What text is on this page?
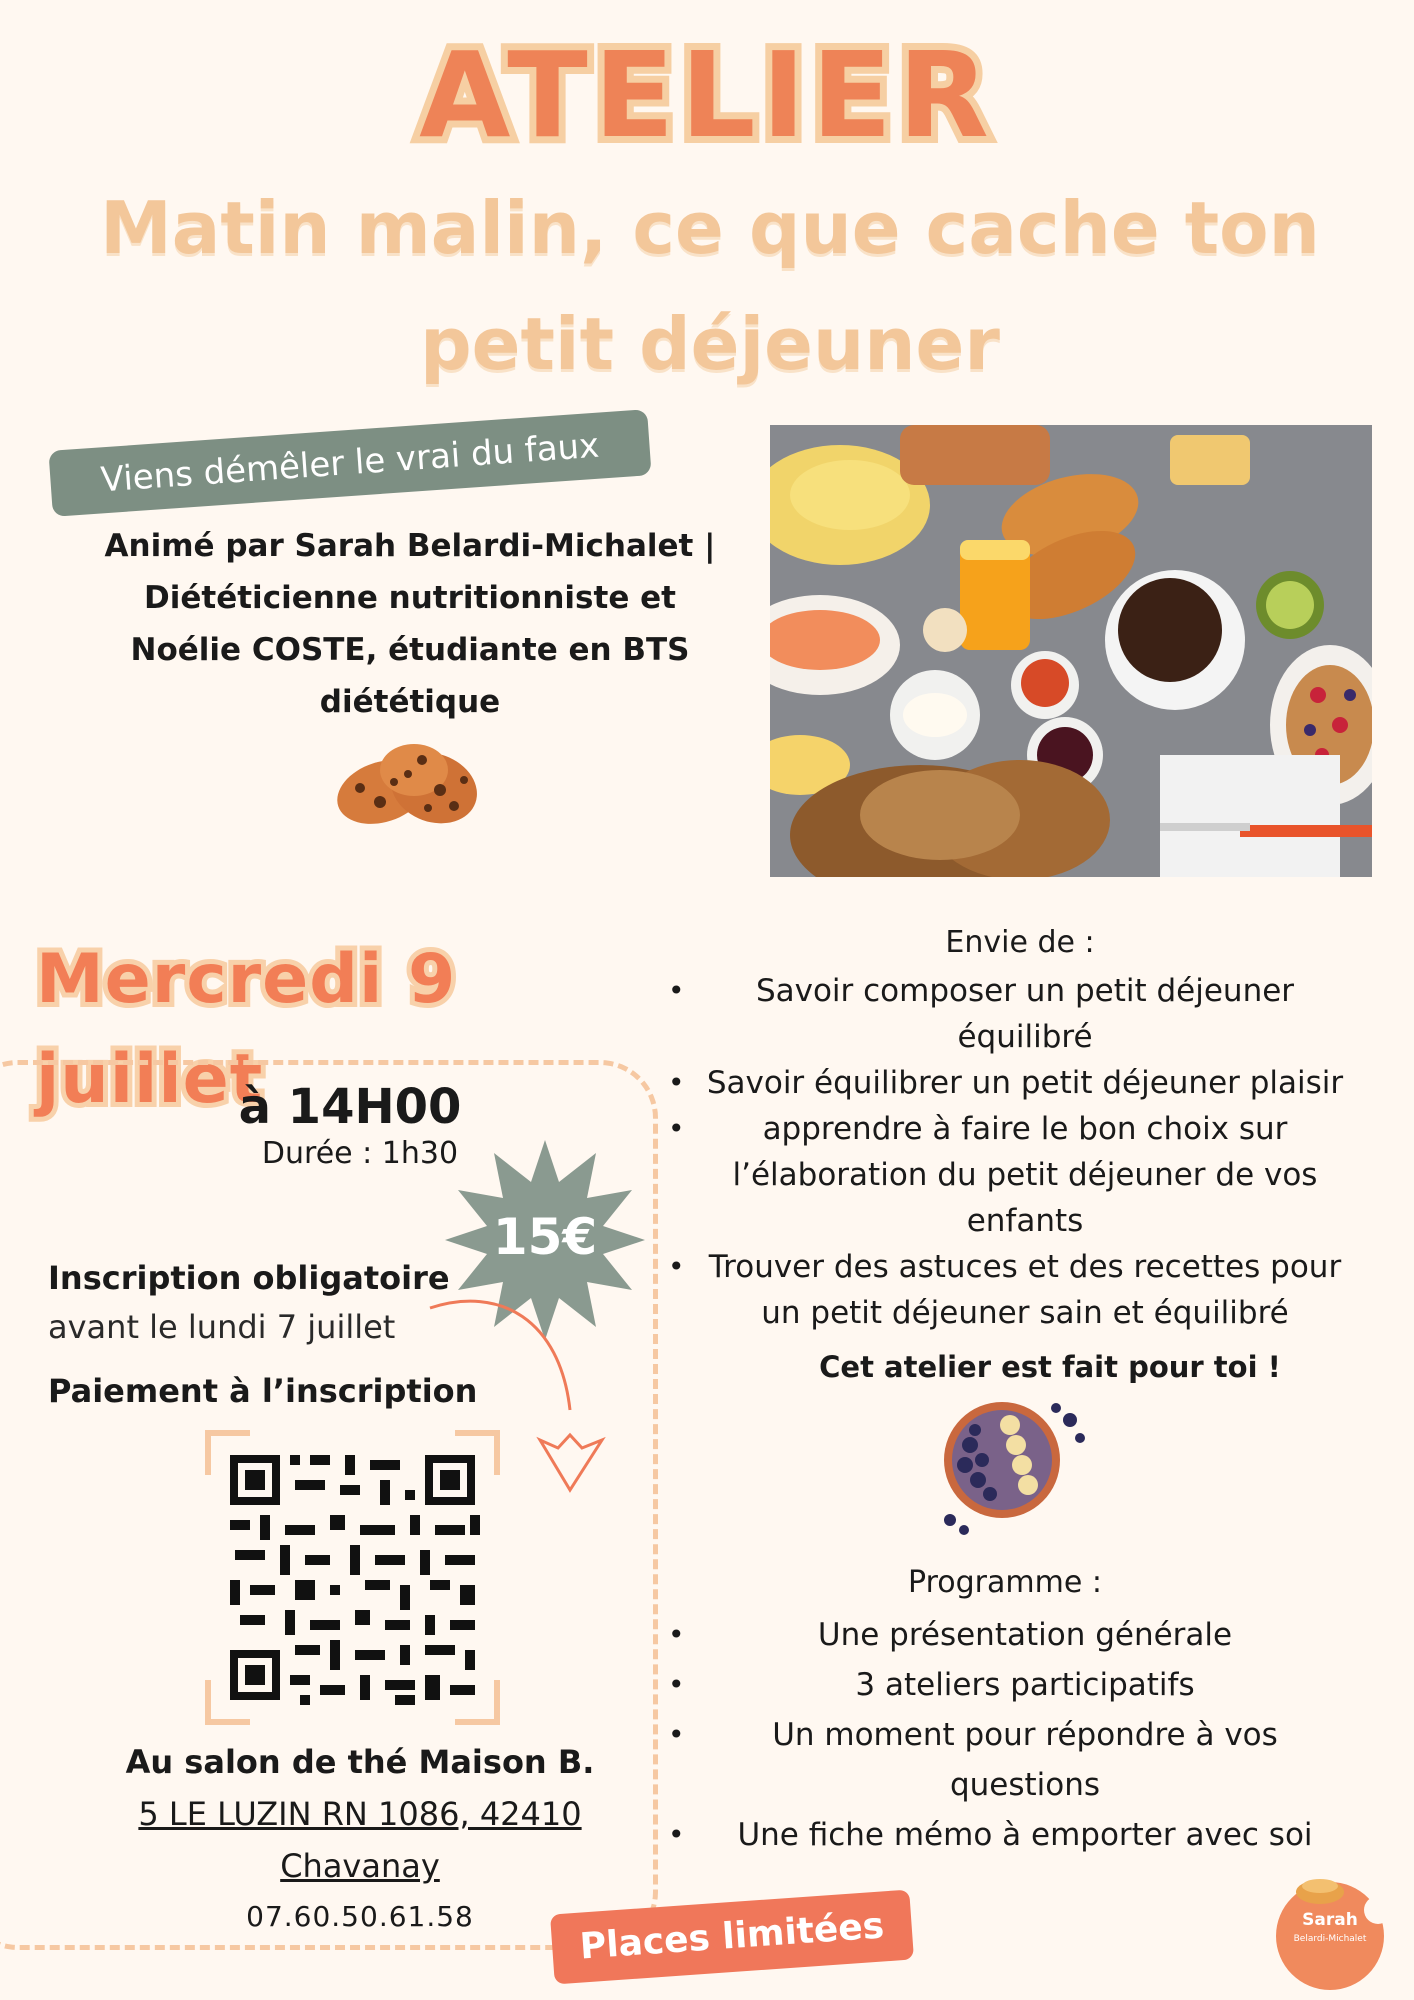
ATELIER
Matin malin, ce que cache ton petit déjeuner
Viens démêler le vrai du faux
Animé par Sarah Belardi-Michalet | Diététicienne nutritionniste et Noélie COSTE, étudiante en BTS diététique
Mercredi 9 juillet
à 14H00
Durée : 1h30
15€
Inscription obligatoire
avant le lundi 7 juillet
Paiement à l’inscription
Au salon de thé Maison B.
5 LE LUZIN RN 1086, 42410 Chavanay
07.60.50.61.58	Places limitées
Envie de :
• Savoir composer un petit déjeuner équilibré
• Savoir équilibrer un petit déjeuner plaisir
• apprendre à faire le bon choix sur l’élaboration du petit déjeuner de vos enfants
• Trouver des astuces et des recettes pour un petit déjeuner sain et équilibré
Cet atelier est fait pour toi !
Programme :
• Une présentation générale
• 3 ateliers participatifs
• Un moment pour répondre à vos questions
• Une fiche mémo à emporter avec soi
Sarah
Belardi-Michalet
